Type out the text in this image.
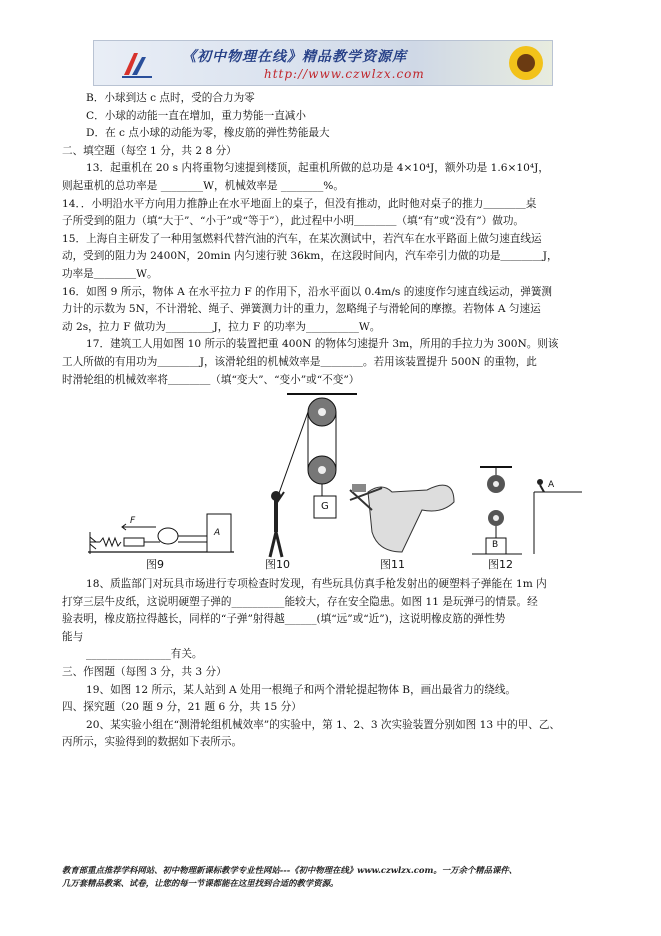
《初中物理在线》精品教学资源库
http://www.czwlzx.com
B．小球到达 c 点时，受的合力为零
C．小球的动能一直在增加，重力势能一直减小
D．在 c 点小球的动能为零，橡皮筋的弹性势能最大
二、填空题（每空 1 分，共 2 8 分）
13．起重机在 20 s 内将重物匀速提到楼顶，起重机所做的总功是 4×10⁴J，额外功是 1.6×10⁴J，
则起重机的总功率是 ________W，机械效率是 ________%。
14．．小明沿水平方向用力推静止在水平地面上的桌子，但没有推动，此时他对桌子的推力＿＿＿＿桌
子所受到的阻力（填“大于”、“小于”或“等于”），此过程中小明＿＿＿＿（填“有”或“没有”）做功。
15．上海自主研发了一种用氢燃料代替汽油的汽车，在某次测试中，若汽车在水平路面上做匀速直线运
动，受到的阻力为 2400N，20min 内匀速行驶 36km，在这段时间内，汽车牵引力做的功是＿＿＿＿J，
功率是＿＿＿＿W。
16．如图 9 所示，物体 A 在水平拉力 F 的作用下，沿水平面以 0.4m/s 的速度作匀速直线运动，弹簧测
力计的示数为 5N，不计滑轮、绳子、弹簧测力计的重力，忽略绳子与滑轮间的摩擦。若物体 A 匀速运
动 2s，拉力 F 做功为_________J，拉力 F 的功率为__________W。
17．建筑工人用如图 10 所示的装置把重 400N 的物体匀速提升 3m，所用的手拉力为 300N。则该
工人所做的有用功为＿＿＿＿J，该滑轮组的机械效率是＿＿＿＿。若用该装置提升 500N 的重物，此
时滑轮组的机械效率将＿＿＿＿（填“变大”、“变小”或“不变”）
图9	图10	图11	图12
A
F
G
B
A
18、质监部门对玩具市场进行专项检查时发现，有些玩具仿真手枪发射出的硬塑料子弹能在 1m 内
打穿三层牛皮纸，这说明硬塑子弹的__________能较大，存在安全隐患。如图 11 是玩弹弓的情景。经
验表明，橡皮筋拉得越长，同样的“子弹”射得越______(填“远”或“近”)，这说明橡皮筋的弹性势
能与
________________有关。
三、作图题（每图 3 分，共 3 分）
19、如图 12 所示，某人站到 A 处用一根绳子和两个滑轮提起物体 B，画出最省力的绕线。
四、探究题（20 题 9 分，21 题 6 分，共 15 分）
20、某实验小组在“测滑轮组机械效率”的实验中，第 1、2、3 次实验装置分别如图 13 中的甲、乙、
丙所示，实验得到的数据如下表所示。
教育部重点推荐学科网站、初中物理新课标教学专业性网站---《初中物理在线》www.czwlzx.com。一万余个精品课件、
几万套精品教案、试卷，让您的每一节课都能在这里找到合适的教学资源。
